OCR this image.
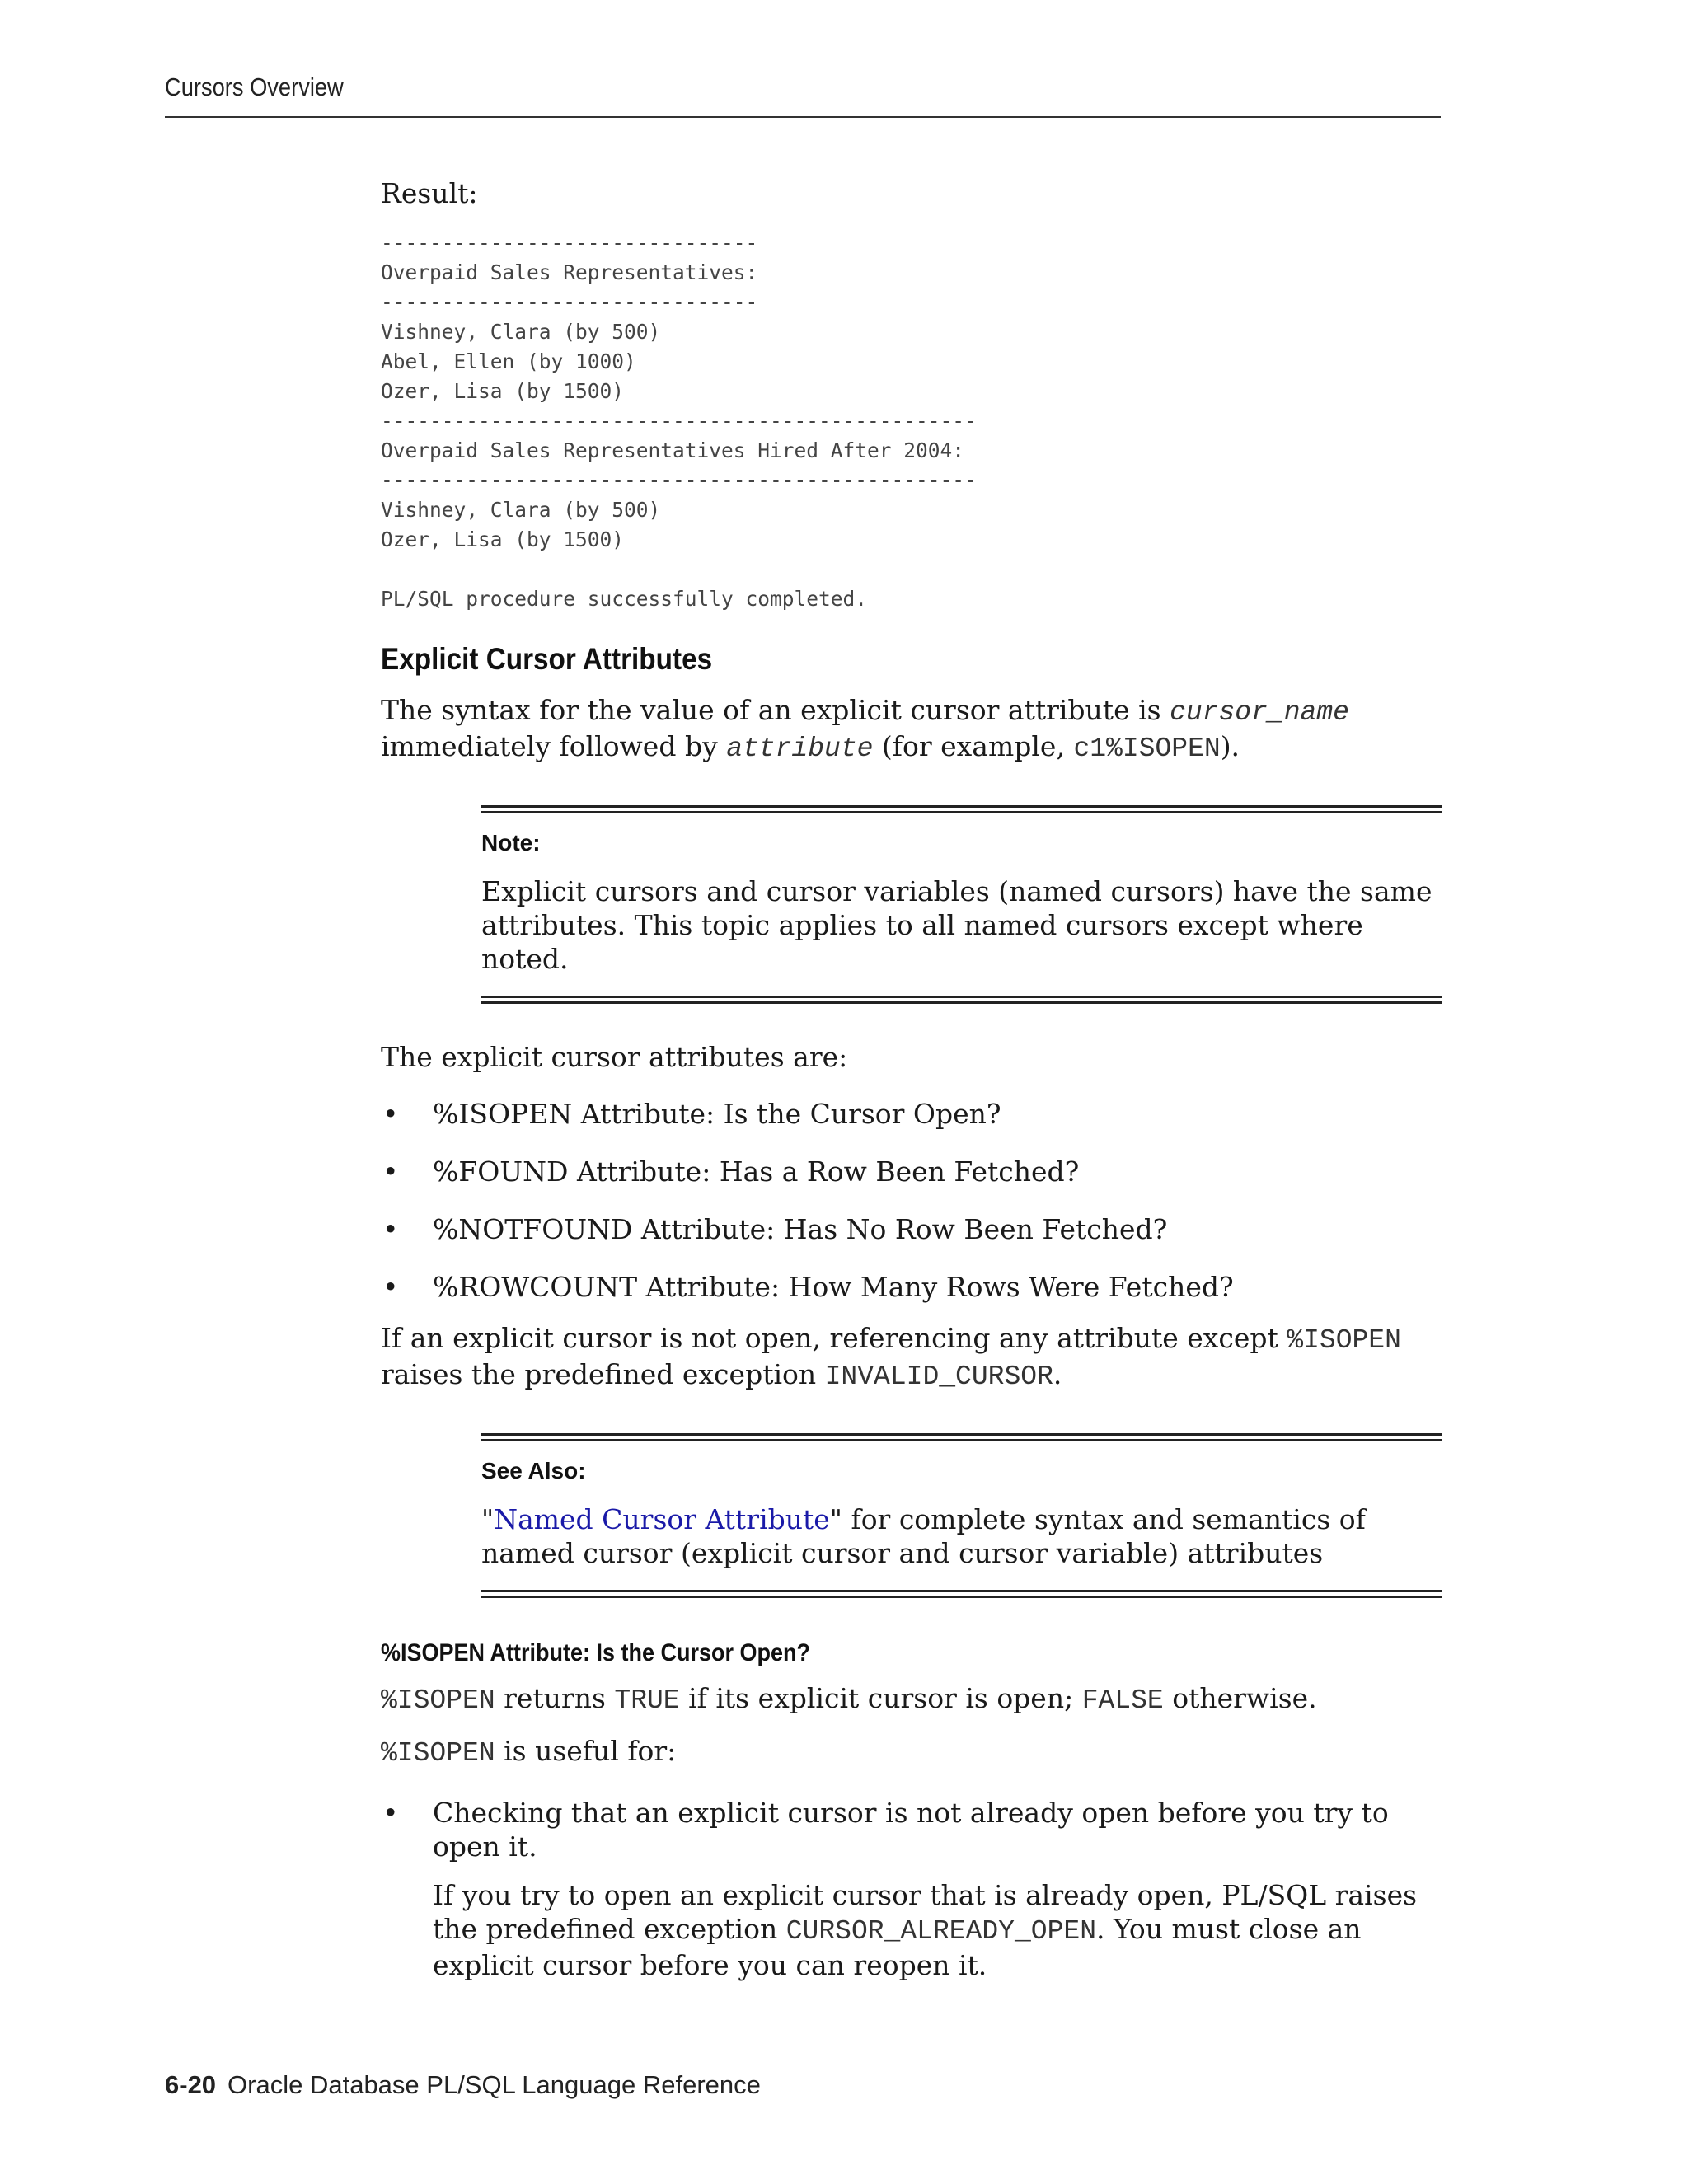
Cursors Overview

Result:

-------------------------------
Overpaid Sales Representatives:
-------------------------------
Vishney, Clara (by 500)
Abel, Ellen (by 1000)
Ozer, Lisa (by 1500)
-------------------------------------------------
Overpaid Sales Representatives Hired After 2004:
-------------------------------------------------
Vishney, Clara (by 500)
Ozer, Lisa (by 1500)

PL/SQL procedure successfully completed.
Explicit Cursor Attributes

The syntax for the value of an explicit cursor attribute is cursor_name immediately followed by attribute (for example, c1%ISOPEN).

Note:

Explicit cursors and cursor variables (named cursors) have the same attributes. This topic applies to all named cursors except where noted.

The explicit cursor attributes are:

• %ISOPEN Attribute: Is the Cursor Open?
• %FOUND Attribute: Has a Row Been Fetched?
• %NOTFOUND Attribute: Has No Row Been Fetched?
• %ROWCOUNT Attribute: How Many Rows Were Fetched?

If an explicit cursor is not open, referencing any attribute except %ISOPEN raises the predefined exception INVALID_CURSOR.

See Also:

"Named Cursor Attribute" for complete syntax and semantics of named cursor (explicit cursor and cursor variable) attributes

%ISOPEN Attribute: Is the Cursor Open?

%ISOPEN returns TRUE if its explicit cursor is open; FALSE otherwise.

%ISOPEN is useful for:

• Checking that an explicit cursor is not already open before you try to open it.

If you try to open an explicit cursor that is already open, PL/SQL raises the predefined exception CURSOR_ALREADY_OPEN. You must close an explicit cursor before you can reopen it.

6-20 Oracle Database PL/SQL Language Reference
